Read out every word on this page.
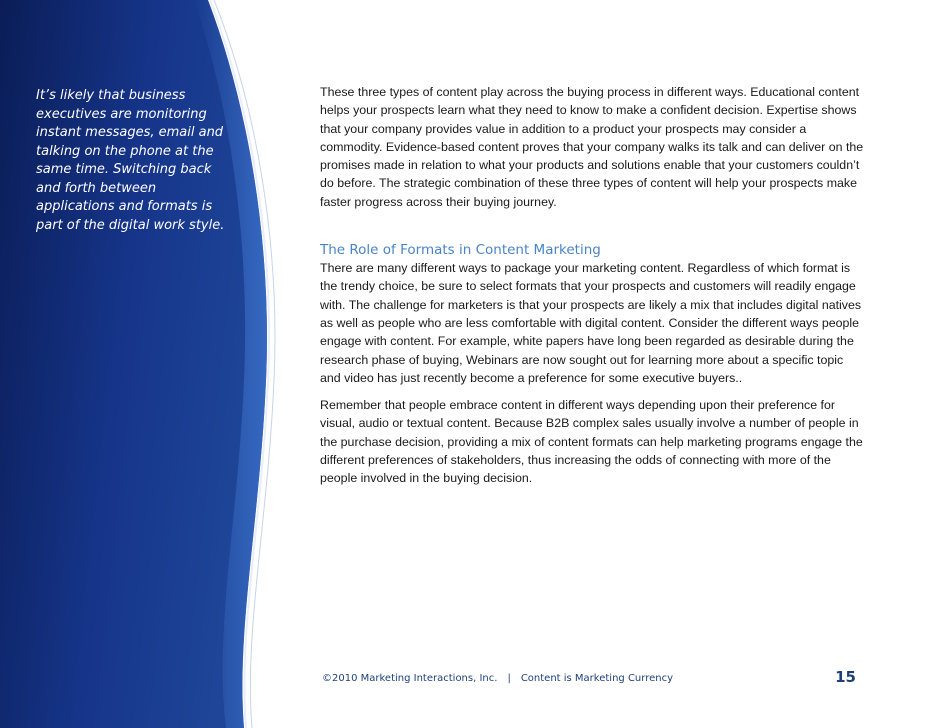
It’s likely that business executives are monitoring instant messages, email and talking on the phone at the same time. Switching back and forth between applications and formats is part of the digital work style.

These three types of content play across the buying process in different ways. Educational content helps your prospects learn what they need to know to make a confident decision. Expertise shows that your company provides value in addition to a product your prospects may consider a commodity. Evidence-based content proves that your company walks its talk and can deliver on the promises made in relation to what your products and solutions enable that your customers couldn’t do before. The strategic combination of these three types of content will help your prospects make faster progress across their buying journey.

The Role of Formats in Content Marketing

There are many different ways to package your marketing content. Regardless of which format is the trendy choice, be sure to select formats that your prospects and customers will readily engage with. The challenge for marketers is that your prospects are likely a mix that includes digital natives as well as people who are less comfortable with digital content. Consider the different ways people engage with content. For example, white papers have long been regarded as desirable during the research phase of buying, Webinars are now sought out for learning more about a specific topic and video has just recently become a preference for some executive buyers..

Remember that people embrace content in different ways depending upon their preference for visual, audio or textual content. Because B2B complex sales usually involve a number of people in the purchase decision, providing a mix of content formats can help marketing programs engage the different preferences of stakeholders, thus increasing the odds of connecting with more of the people involved in the buying decision.

©2010 Marketing Interactions, Inc. | Content is Marketing Currency	15
